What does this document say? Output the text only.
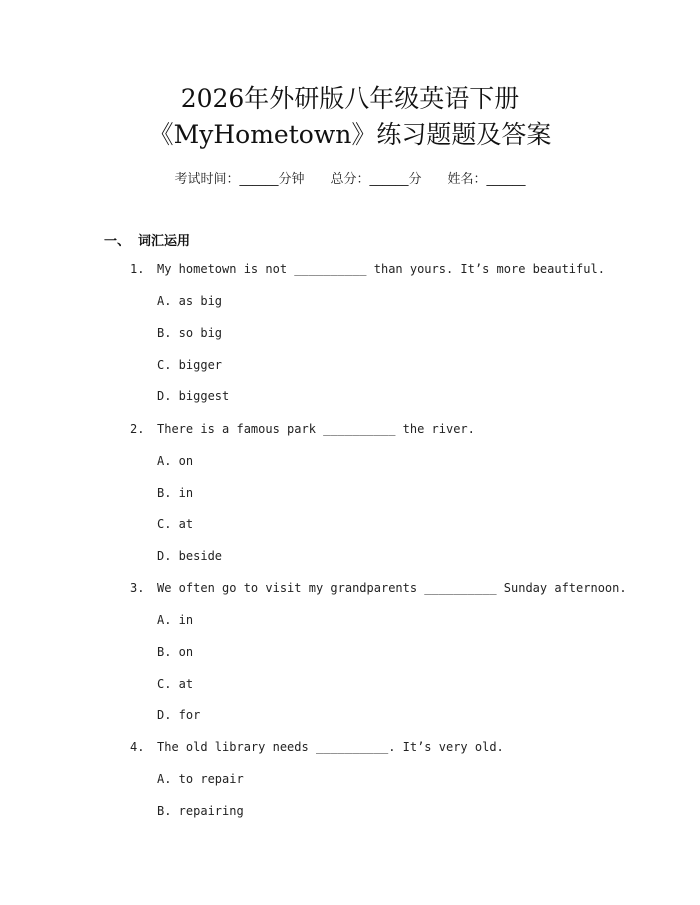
2026年外研版八年级英语下册
《MyHometown》练习题题及答案
考试时间：______分钟 总分：______分 姓名：______
一、 词汇运用
1. My hometown is not __________ than yours. It’s more beautiful.
A. as big
B. so big
C. bigger
D. biggest
2. There is a famous park __________ the river.
A. on
B. in
C. at
D. beside
3. We often go to visit my grandparents __________ Sunday afternoon.
A. in
B. on
C. at
D. for
4. The old library needs __________. It’s very old.
A. to repair
B. repairing
